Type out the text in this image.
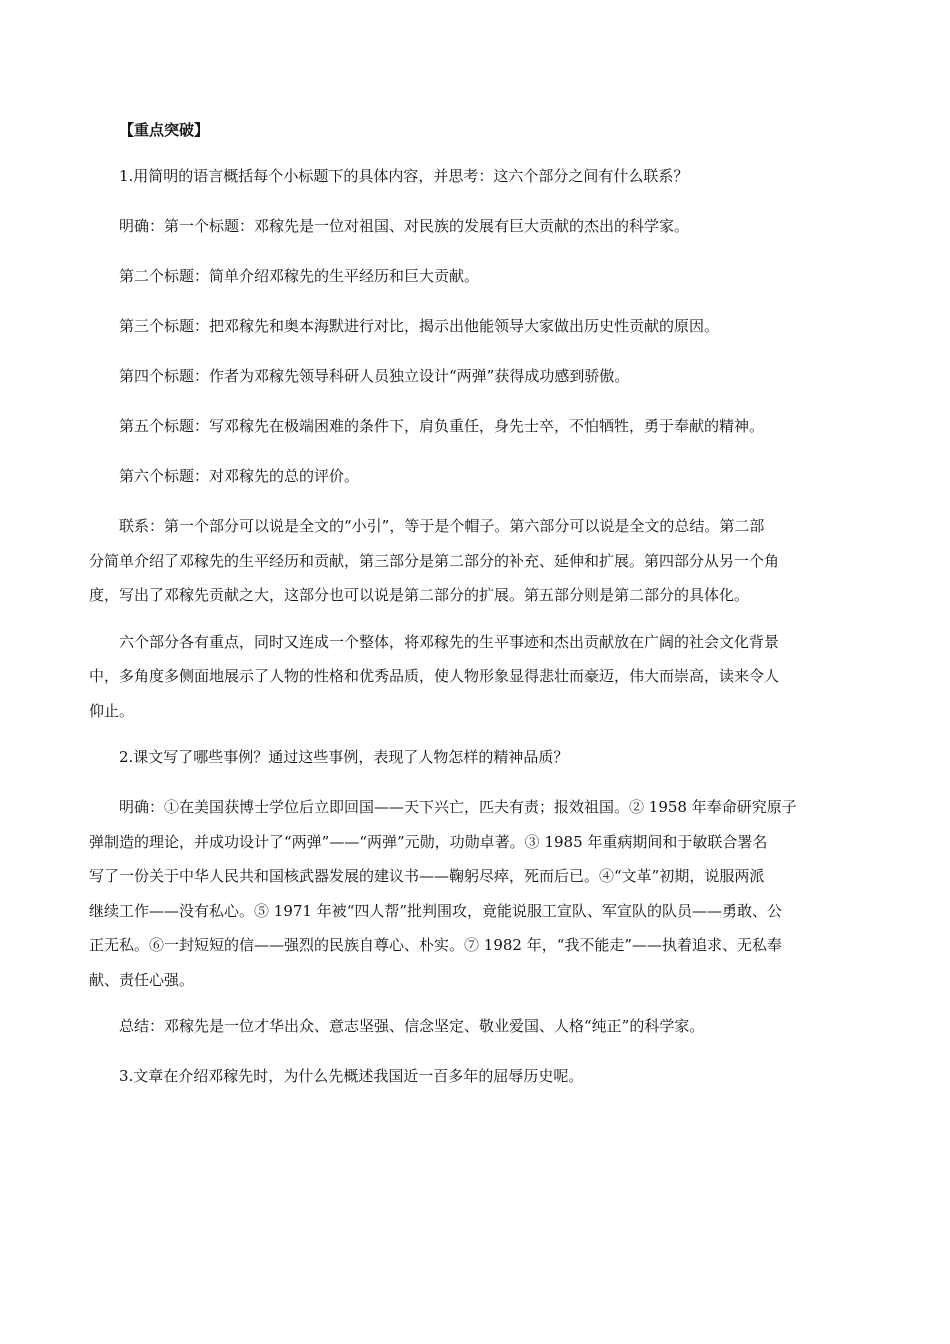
【重点突破】
1.用简明的语言概括每个小标题下的具体内容，并思考：这六个部分之间有什么联系？
明确：第一个标题：邓稼先是一位对祖国、对民族的发展有巨大贡献的杰出的科学家。
第二个标题：简单介绍邓稼先的生平经历和巨大贡献。
第三个标题：把邓稼先和奥本海默进行对比，揭示出他能领导大家做出历史性贡献的原因。
第四个标题：作者为邓稼先领导科研人员独立设计“两弹”获得成功感到骄傲。
第五个标题：写邓稼先在极端困难的条件下，肩负重任，身先士卒，不怕牺牲，勇于奉献的精神。
第六个标题：对邓稼先的总的评价。
联系：第一个部分可以说是全文的“小引”，等于是个帽子。第六部分可以说是全文的总结。第二部
分简单介绍了邓稼先的生平经历和贡献，第三部分是第二部分的补充、延伸和扩展。第四部分从另一个角
度，写出了邓稼先贡献之大，这部分也可以说是第二部分的扩展。第五部分则是第二部分的具体化。
六个部分各有重点，同时又连成一个整体，将邓稼先的生平事迹和杰出贡献放在广阔的社会文化背景
中，多角度多侧面地展示了人物的性格和优秀品质，使人物形象显得悲壮而豪迈，伟大而崇高，读来令人
仰止。
2.课文写了哪些事例？通过这些事例，表现了人物怎样的精神品质？
明确：①在美国获博士学位后立即回国——天下兴亡，匹夫有责；报效祖国。② 1958 年奉命研究原子
弹制造的理论，并成功设计了“两弹”——“两弹”元勋，功勋卓著。③ 1985 年重病期间和于敏联合署名
写了一份关于中华人民共和国核武器发展的建议书——鞠躬尽瘁，死而后已。④“文革”初期，说服两派
继续工作——没有私心。⑤ 1971 年被“四人帮”批判围攻，竟能说服工宣队、军宣队的队员——勇敢、公
正无私。⑥一封短短的信——强烈的民族自尊心、朴实。⑦ 1982 年，“我不能走”——执着追求、无私奉
献、责任心强。
总结：邓稼先是一位才华出众、意志坚强、信念坚定、敬业爱国、人格“纯正”的科学家。
3.文章在介绍邓稼先时，为什么先概述我国近一百多年的屈辱历史呢。
